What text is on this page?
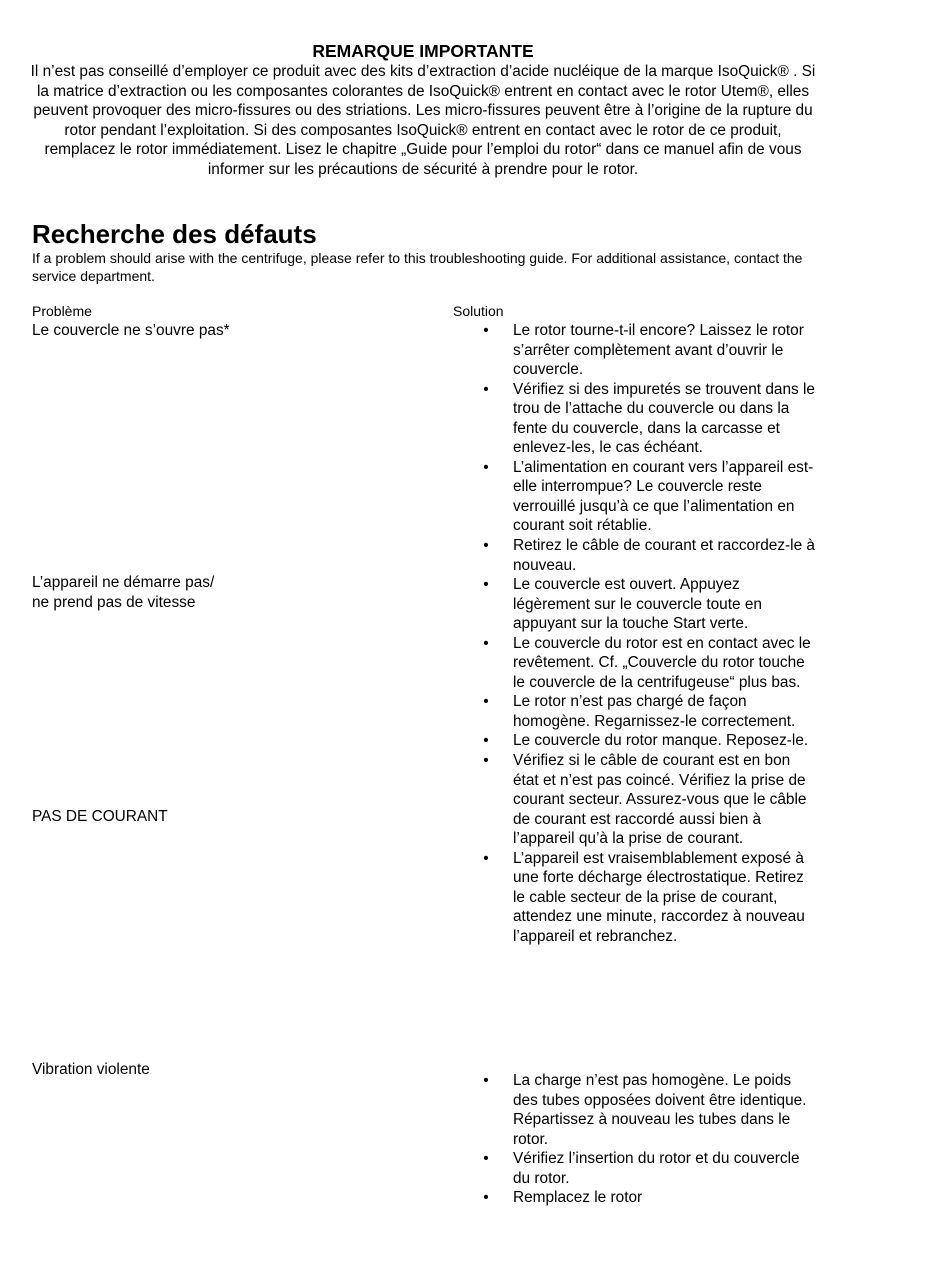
REMARQUE IMPORTANTE

Il n’est pas conseillé d’employer ce produit avec des kits d’extraction d’acide nucléique de la marque IsoQuick® . Si la matrice d’extraction ou les composantes colorantes de IsoQuick® entrent en contact avec le rotor Utem®, elles peuvent provoquer des micro-fissures ou des striations. Les micro-fissures peuvent être à l’origine de la rupture du rotor pendant l’exploitation. Si des composantes IsoQuick® entrent en contact avec le rotor de ce produit, remplacez le rotor immédiatement. Lisez le chapitre „Guide pour l’emploi du rotor“ dans ce manuel afin de vous informer sur les précautions de sécurité à prendre pour le rotor.

Recherche des défauts

If a problem should arise with the centrifuge, please refer to this troubleshooting guide. For additional assistance, contact the service department.

Problème	Solution
Le couvercle ne s’ouvre pas*
L’appareil ne démarre pas/
ne prend pas de vitesse
PAS DE COURANT
Vibration violente
• Le rotor tourne-t-il encore? Laissez le rotor s’arrêter complètement avant d’ouvrir le couvercle.
• Vérifiez si des impuretés se trouvent dans le trou de l’attache du couvercle ou dans la fente du couvercle, dans la carcasse et enlevez-les, le cas échéant.
• L’alimentation en courant vers l’appareil est-elle interrompue? Le couvercle reste verrouillé jusqu’à ce que l’alimentation en courant soit rétablie.
• Retirez le câble de courant et raccordez-le à nouveau.
• Le couvercle est ouvert. Appuyez légèrement sur le couvercle toute en appuyant sur la touche Start verte.
• Le couvercle du rotor est en contact avec le revêtement. Cf. „Couvercle du rotor touche le couvercle de la centrifugeuse“ plus bas.
• Le rotor n’est pas chargé de façon homogène. Regarnissez-le correctement.
• Le couvercle du rotor manque. Reposez-le.
• Vérifiez si le câble de courant est en bon état et n’est pas coincé. Vérifiez la prise de courant secteur. Assurez-vous que le câble de courant est raccordé aussi bien à l’appareil qu’à la prise de courant.
• L’appareil est vraisemblablement exposé à une forte décharge électrostatique. Retirez le cable secteur de la prise de courant, attendez une minute, raccordez à nouveau l’appareil et rebranchez.
• La charge n’est pas homogène. Le poids des tubes opposées doivent être identique. Répartissez à nouveau les tubes dans le rotor.
• Vérifiez l’insertion du rotor et du couvercle du rotor.
• Remplacez le rotor
